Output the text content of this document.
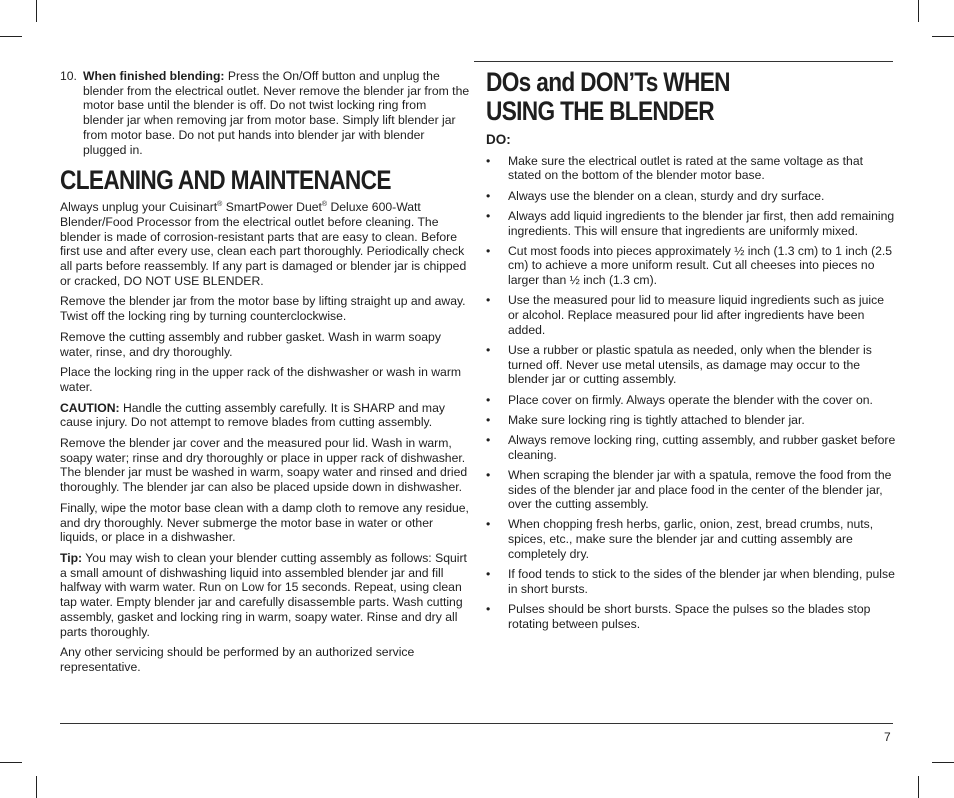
10. When finished blending: Press the On/Off button and unplug the blender from the electrical outlet. Never remove the blender jar from the motor base until the blender is off. Do not twist locking ring from blender jar when removing jar from motor base. Simply lift blender jar from motor base. Do not put hands into blender jar with blender plugged in.
CLEANING AND MAINTENANCE

Always unplug your Cuisinart® SmartPower Duet® Deluxe 600-Watt Blender/Food Processor from the electrical outlet before cleaning. The blender is made of corrosion-resistant parts that are easy to clean. Before first use and after every use, clean each part thoroughly. Periodically check all parts before reassembly. If any part is damaged or blender jar is chipped or cracked, DO NOT USE BLENDER.

Remove the blender jar from the motor base by lifting straight up and away. Twist off the locking ring by turning counterclockwise.

Remove the cutting assembly and rubber gasket. Wash in warm soapy water, rinse, and dry thoroughly.

Place the locking ring in the upper rack of the dishwasher or wash in warm water.

CAUTION: Handle the cutting assembly carefully. It is SHARP and may cause injury. Do not attempt to remove blades from cutting assembly.

Remove the blender jar cover and the measured pour lid. Wash in warm, soapy water; rinse and dry thoroughly or place in upper rack of dishwasher. The blender jar must be washed in warm, soapy water and rinsed and dried thoroughly. The blender jar can also be placed upside down in dishwasher.

Finally, wipe the motor base clean with a damp cloth to remove any residue, and dry thoroughly. Never submerge the motor base in water or other liquids, or place in a dishwasher.

Tip: You may wish to clean your blender cutting assembly as follows: Squirt a small amount of dishwashing liquid into assembled blender jar and fill halfway with warm water. Run on Low for 15 seconds. Repeat, using clean tap water. Empty blender jar and carefully disassemble parts. Wash cutting assembly, gasket and locking ring in warm, soapy water. Rinse and dry all parts thoroughly.

Any other servicing should be performed by an authorized service representative.

DOs and DON’Ts WHEN
USING THE BLENDER
DO:
•	Make sure the electrical outlet is rated at the same voltage as that stated on the bottom of the blender motor base.
•	Always use the blender on a clean, sturdy and dry surface.
•	Always add liquid ingredients to the blender jar first, then add remaining ingredients. This will ensure that ingredients are uniformly mixed.
•	Cut most foods into pieces approximately ½ inch (1.3 cm) to 1 inch (2.5 cm) to achieve a more uniform result. Cut all cheeses into pieces no larger than ½ inch (1.3 cm).
•	Use the measured pour lid to measure liquid ingredients such as juice or alcohol. Replace measured pour lid after ingredients have been added.
•	Use a rubber or plastic spatula as needed, only when the blender is turned off. Never use metal utensils, as damage may occur to the blender jar or cutting assembly.
•	Place cover on firmly. Always operate the blender with the cover on.
•	Make sure locking ring is tightly attached to blender jar.
•	Always remove locking ring, cutting assembly, and rubber gasket before cleaning.
•	When scraping the blender jar with a spatula, remove the food from the sides of the blender jar and place food in the center of the blender jar, over the cutting assembly.
•	When chopping fresh herbs, garlic, onion, zest, bread crumbs, nuts, spices, etc., make sure the blender jar and cutting assembly are completely dry.
•	If food tends to stick to the sides of the blender jar when blending, pulse in short bursts.
•	Pulses should be short bursts. Space the pulses so the blades stop rotating between pulses.
7
